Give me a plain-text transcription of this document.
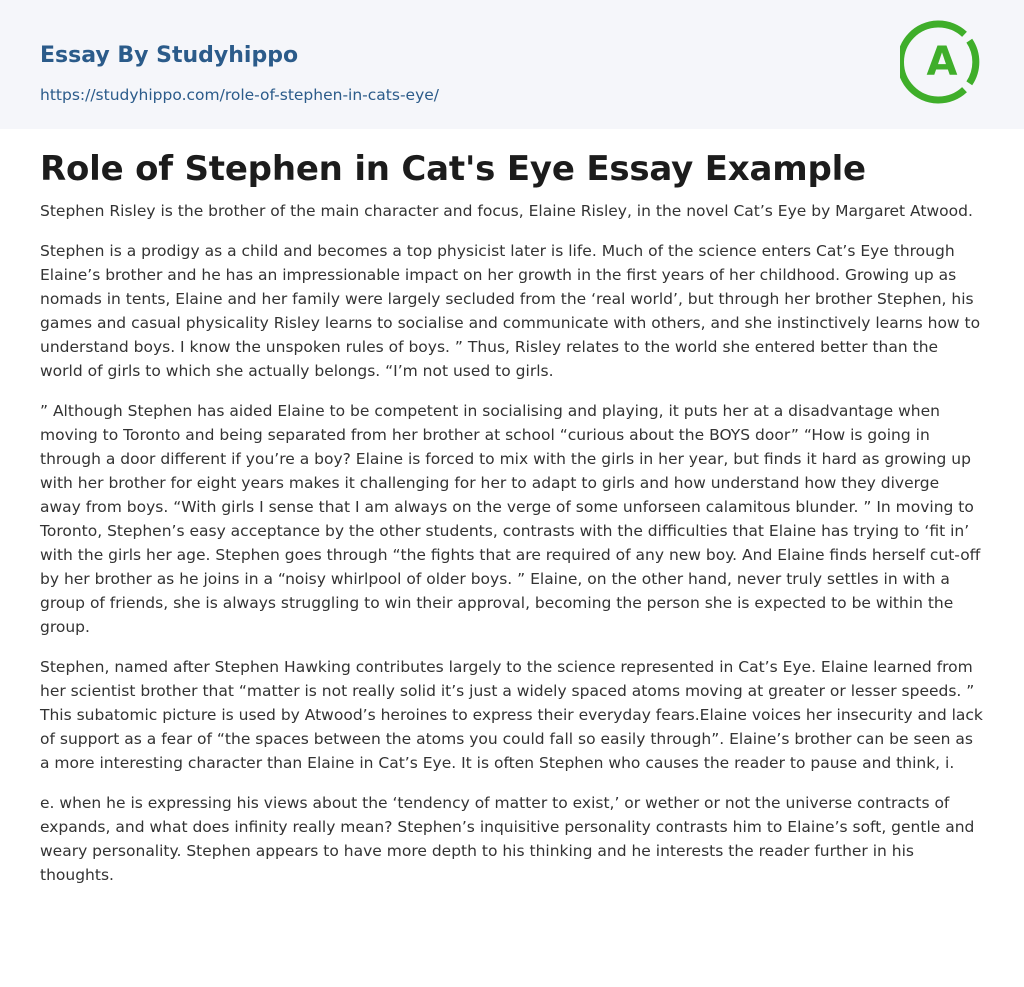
Essay By Studyhippo
https://studyhippo.com/role-of-stephen-in-cats-eye/
A
Role of Stephen in Cat's Eye Essay Example

Stephen Risley is the brother of the main character and focus, Elaine Risley, in the novel Cat’s Eye by Margaret Atwood.

Stephen is a prodigy as a child and becomes a top physicist later is life. Much of the science enters Cat’s Eye through Elaine’s brother and he has an impressionable impact on her growth in the first years of her childhood. Growing up as nomads in tents, Elaine and her family were largely secluded from the ‘real world’, but through her brother Stephen, his games and casual physicality Risley learns to socialise and communicate with others, and she instinctively learns how to understand boys. I know the unspoken rules of boys. ” Thus, Risley relates to the world she entered better than the world of girls to which she actually belongs. “I’m not used to girls.

” Although Stephen has aided Elaine to be competent in socialising and playing, it puts her at a disadvantage when moving to Toronto and being separated from her brother at school “curious about the BOYS door” “How is going in through a door different if you’re a boy? Elaine is forced to mix with the girls in her year, but finds it hard as growing up with her brother for eight years makes it challenging for her to adapt to girls and how understand how they diverge away from boys. “With girls I sense that I am always on the verge of some unforseen calamitous blunder. ” In moving to Toronto, Stephen’s easy acceptance by the other students, contrasts with the difficulties that Elaine has trying to ‘fit in’ with the girls her age. Stephen goes through “the fights that are required of any new boy. And Elaine finds herself cut-off by her brother as he joins in a “noisy whirlpool of older boys. ” Elaine, on the other hand, never truly settles in with a group of friends, she is always struggling to win their approval, becoming the person she is expected to be within the group.

Stephen, named after Stephen Hawking contributes largely to the science represented in Cat’s Eye. Elaine learned from her scientist brother that “matter is not really solid it’s just a widely spaced atoms moving at greater or lesser speeds. ” This subatomic picture is used by Atwood’s heroines to express their everyday fears.Elaine voices her insecurity and lack of support as a fear of “the spaces between the atoms you could fall so easily through”. Elaine’s brother can be seen as a more interesting character than Elaine in Cat’s Eye. It is often Stephen who causes the reader to pause and think, i.

e. when he is expressing his views about the ‘tendency of matter to exist,’ or wether or not the universe contracts of expands, and what does infinity really mean? Stephen’s inquisitive personality contrasts him to Elaine’s soft, gentle and weary personality. Stephen appears to have more depth to his thinking and he interests the reader further in his thoughts.
